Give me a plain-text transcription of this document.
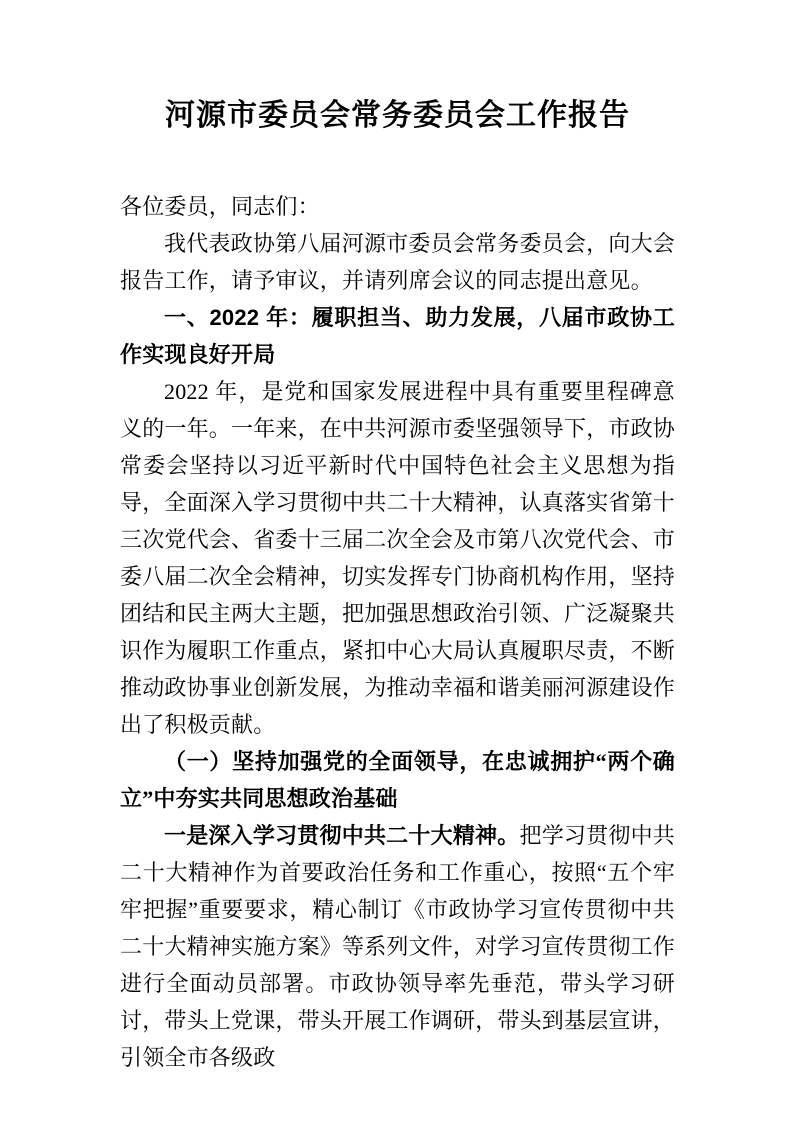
河源市委员会常务委员会工作报告

各位委员，同志们：

我代表政协第八届河源市委员会常务委员会，向大会报告工作，请予审议，并请列席会议的同志提出意见。

一、2022 年：履职担当、助力发展，八届市政协工作实现良好开局

2022 年，是党和国家发展进程中具有重要里程碑意义的一年。一年来，在中共河源市委坚强领导下，市政协常委会坚持以习近平新时代中国特色社会主义思想为指导，全面深入学习贯彻中共二十大精神，认真落实省第十三次党代会、省委十三届二次全会及市第八次党代会、市委八届二次全会精神，切实发挥专门协商机构作用，坚持团结和民主两大主题，把加强思想政治引领、广泛凝聚共识作为履职工作重点，紧扣中心大局认真履职尽责，不断推动政协事业创新发展，为推动幸福和谐美丽河源建设作出了积极贡献。

（一）坚持加强党的全面领导，在忠诚拥护“两个确立”中夯实共同思想政治基础

一是深入学习贯彻中共二十大精神。把学习贯彻中共二十大精神作为首要政治任务和工作重心，按照“五个牢牢把握”重要要求，精心制订《市政协学习宣传贯彻中共二十大精神实施方案》等系列文件，对学习宣传贯彻工作进行全面动员部署。市政协领导率先垂范，带头学习研讨，带头上党课，带头开展工作调研，带头到基层宣讲，引领全市各级政
